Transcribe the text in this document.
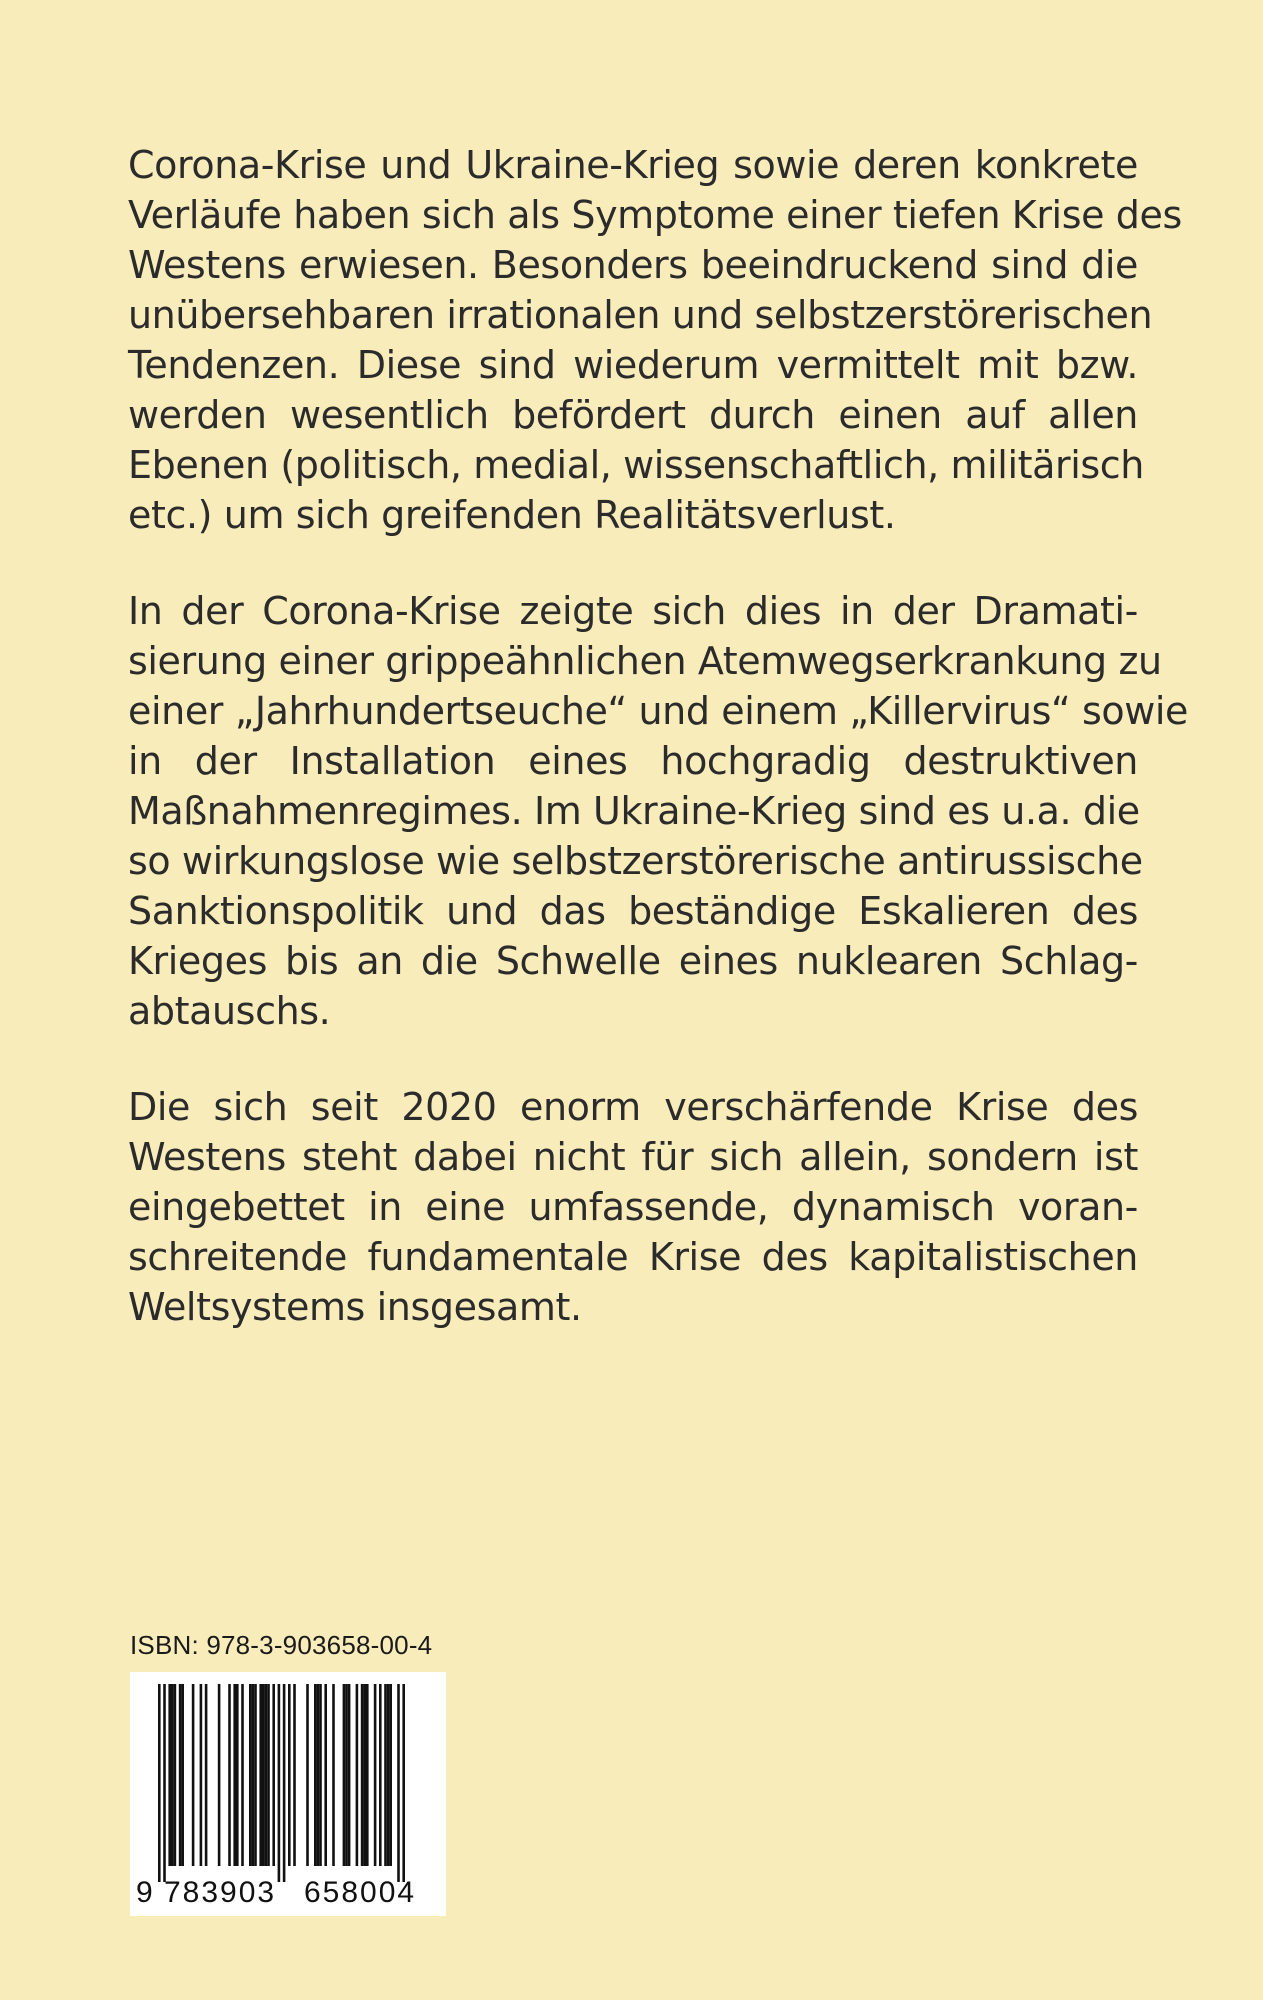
Corona-Krise und Ukraine-Krieg sowie deren konkrete
Verläufe haben sich als Symptome einer tiefen Krise des
Westens erwiesen. Besonders beeindruckend sind die
unübersehbaren irrationalen und selbstzerstörerischen
Tendenzen. Diese sind wiederum vermittelt mit bzw.
werden wesentlich befördert durch einen auf allen
Ebenen (politisch, medial, wissenschaftlich, militärisch
etc.) um sich greifenden Realitätsverlust.
In der Corona-Krise zeigte sich dies in der Dramati-
sierung einer grippeähnlichen Atemwegserkrankung zu
einer „Jahrhundertseuche“ und einem „Killervirus“ sowie
in der Installation eines hochgradig destruktiven
Maßnahmenregimes. Im Ukraine-Krieg sind es u.a. die
so wirkungslose wie selbstzerstörerische antirussische
Sanktionspolitik und das beständige Eskalieren des
Krieges bis an die Schwelle eines nuklearen Schlag-
abtauschs.
Die sich seit 2020 enorm verschärfende Krise des
Westens steht dabei nicht für sich allein, sondern ist
eingebettet in eine umfassende, dynamisch voran-
schreitende fundamentale Krise des kapitalistischen
Weltsystems insgesamt.
ISBN: 978-3-903658-00-4
9 783903 658004
